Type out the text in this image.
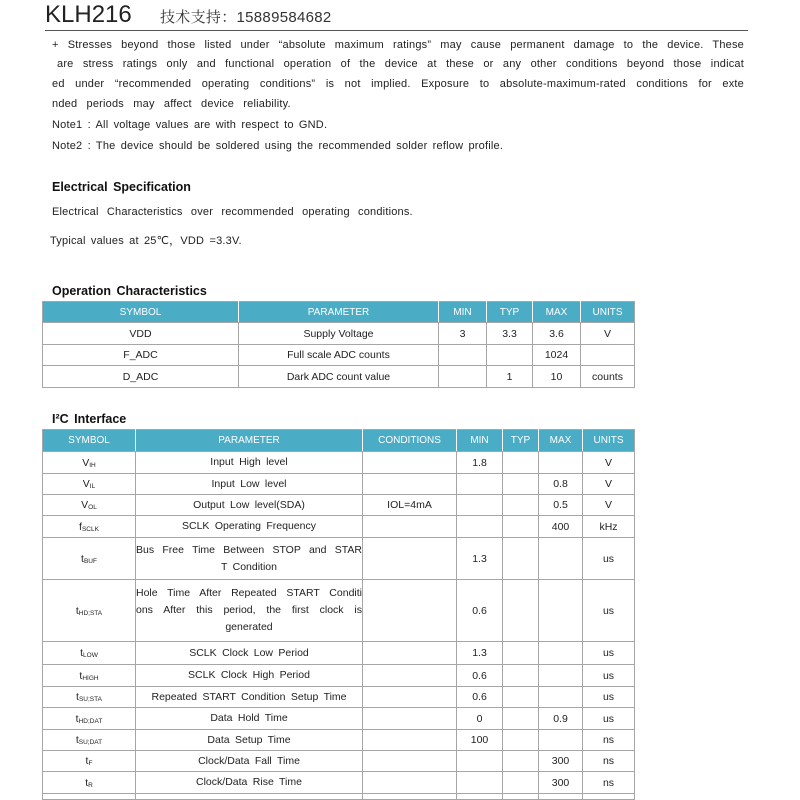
KLH216 技术支持：15889584682
+ Stresses beyond those listed under “absolute maximum ratings” may cause permanent damage to the device. These
are stress ratings only and functional operation of the device at these or any other conditions beyond those indicat
ed under “recommended operating conditions” is not implied. Exposure to absolute-maximum-rated conditions for exte
nded periods may affect device reliability.
Note1 : All voltage values are with respect to GND.
Note2 : The device should be soldered using the recommended solder reflow profile.
Electrical Specification
Electrical Characteristics over recommended operating conditions.
Typical values at 25℃，VDD =3.3V.
Operation Characteristics
SYMBOL	PARAMETER	MIN	TYP	MAX	UNITS
VDD	Supply Voltage	3	3.3	3.6	V
F_ADC	Full scale ADC counts			1024	
D_ADC	Dark ADC count value		1	10	counts
I²C Interface
SYMBOL	PARAMETER	CONDITIONS	MIN	TYP	MAX	UNITS
VIH	Input High level		1.8			V
VIL	Input Low level				0.8	V
VOL	Output Low level(SDA)	IOL=4mA			0.5	V
fSCLK	SCLK Operating Frequency				400	kHz
tBUF	Bus Free Time Between STOP and STAR
T Condition		1.3			us
tHD;STA	Hole Time After Repeated START Conditi
ons After this period, the first clock is
generated		0.6			us
tLOW	SCLK Clock Low Period		1.3			us
tHIGH	SCLK Clock High Period		0.6			us
tSU;STA	Repeated START Condition Setup Time		0.6			us
tHD;DAT	Data Hold Time		0		0.9	us
tSU;DAT	Data Setup Time		100			ns
tF	Clock/Data Fall Time				300	ns
tR	Clock/Data Rise Time				300	ns
